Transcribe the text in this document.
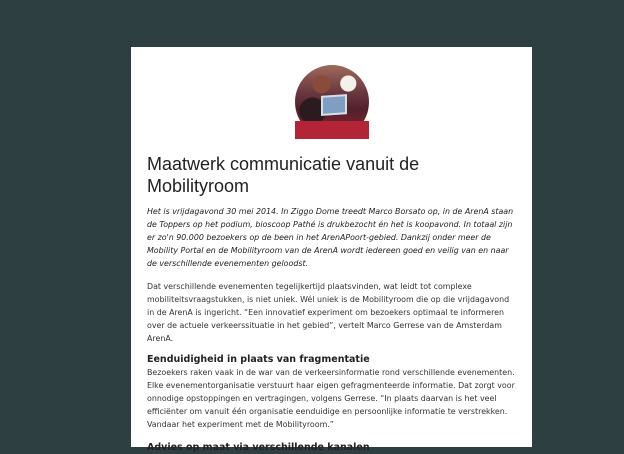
Maatwerk communicatie vanuit de Mobilityroom

Het is vrijdagavond 30 mei 2014. In Ziggo Dome treedt Marco Borsato op, in de ArenA staan de Toppers op het podium, bioscoop Pathé is drukbezocht én het is koopavond. In totaal zijn er zo'n 90.000 bezoekers op de been in het ArenAPoort-gebied. Dankzij onder meer de Mobility Portal en de Mobilityroom van de ArenA wordt iedereen goed en veilig van en naar de verschillende evenementen geloodst.

Dat verschillende evenementen tegelijkertijd plaatsvinden, wat leidt tot complexe mobiliteitsvraagstukken, is niet uniek. Wél uniek is de Mobilityroom die op die vrijdagavond in de ArenA is ingericht. “Een innovatief experiment om bezoekers optimaal te informeren over de actuele verkeerssituatie in het gebied”, vertelt Marco Gerrese van de Amsterdam ArenA.

Eenduidigheid in plaats van fragmentatie

Bezoekers raken vaak in de war van de verkeersinformatie rond verschillende evenementen. Elke evenementorganisatie verstuurt haar eigen gefragmenteerde informatie. Dat zorgt voor onnodige opstoppingen en vertragingen, volgens Gerrese. “In plaats daarvan is het veel efficiënter om vanuit één organisatie eenduidige en persoonlijke informatie te verstrekken. Vandaar het experiment met de Mobilityroom.”

Advies op maat via verschillende kanalen
